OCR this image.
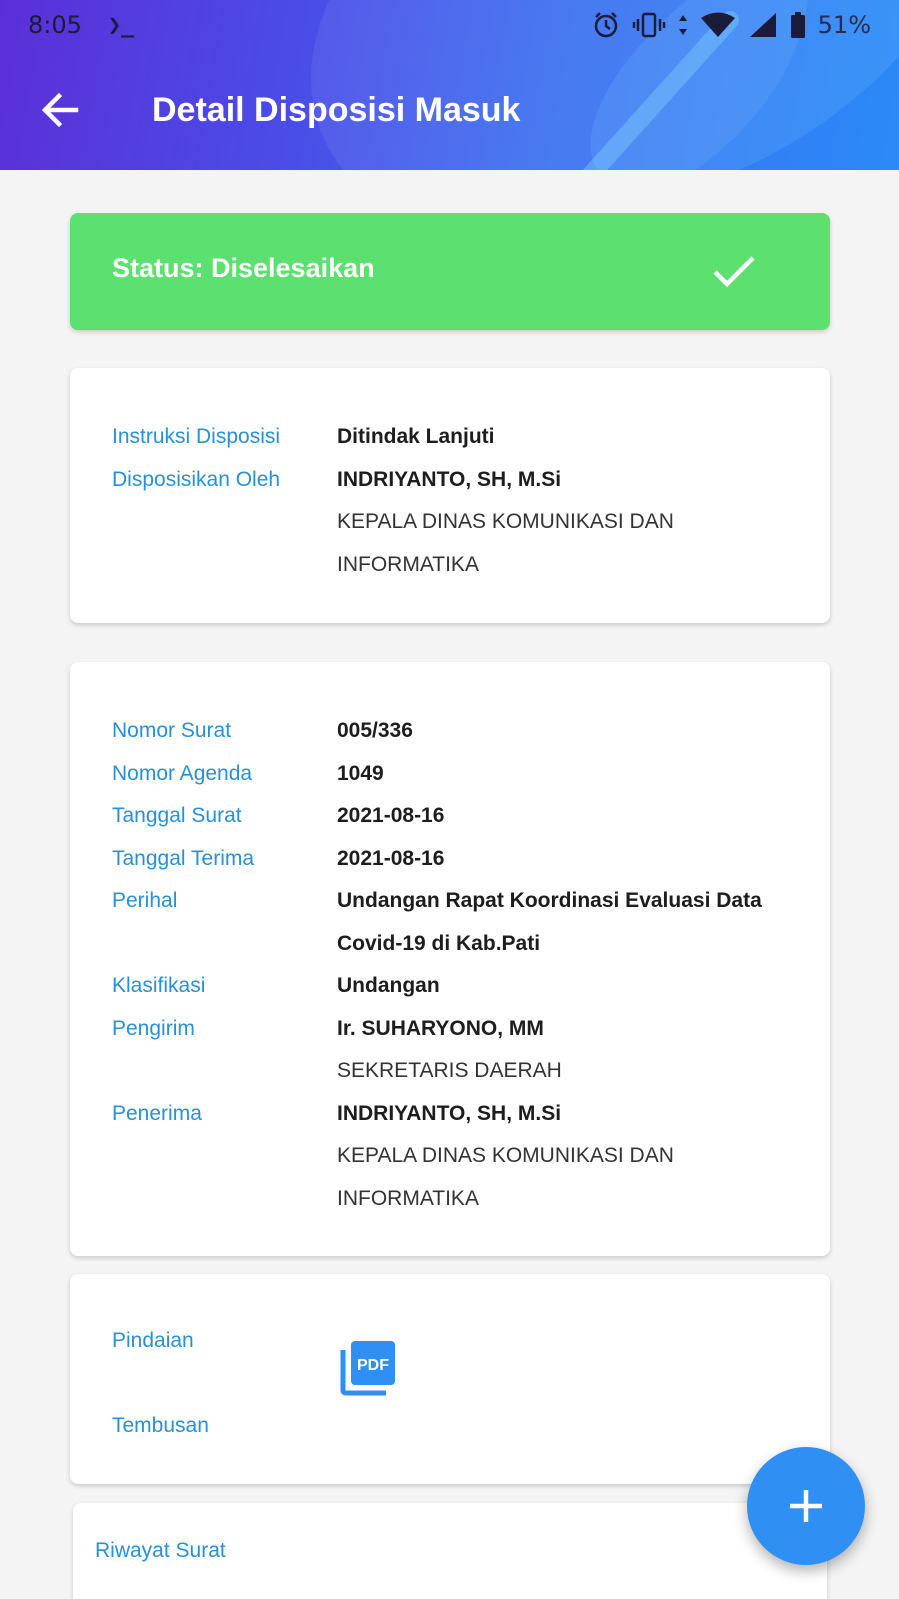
8:05 ❯_	51%
Detail Disposisi Masuk
Status: Diselesaikan
Instruksi Disposisi	Ditindak Lanjuti
Disposisikan Oleh	INDRIYANTO, SH, M.Si
KEPALA DINAS KOMUNIKASI DAN INFORMATIKA
Nomor Surat	005/336
Nomor Agenda	1049
Tanggal Surat	2021-08-16
Tanggal Terima	2021-08-16
Perihal	Undangan Rapat Koordinasi Evaluasi Data Covid-19 di Kab.Pati
Klasifikasi	Undangan
Pengirim	Ir. SUHARYONO, MM
SEKRETARIS DAERAH
Penerima	INDRIYANTO, SH, M.Si
KEPALA DINAS KOMUNIKASI DAN INFORMATIKA
Pindaian
PDF
Tembusan
Riwayat Surat
